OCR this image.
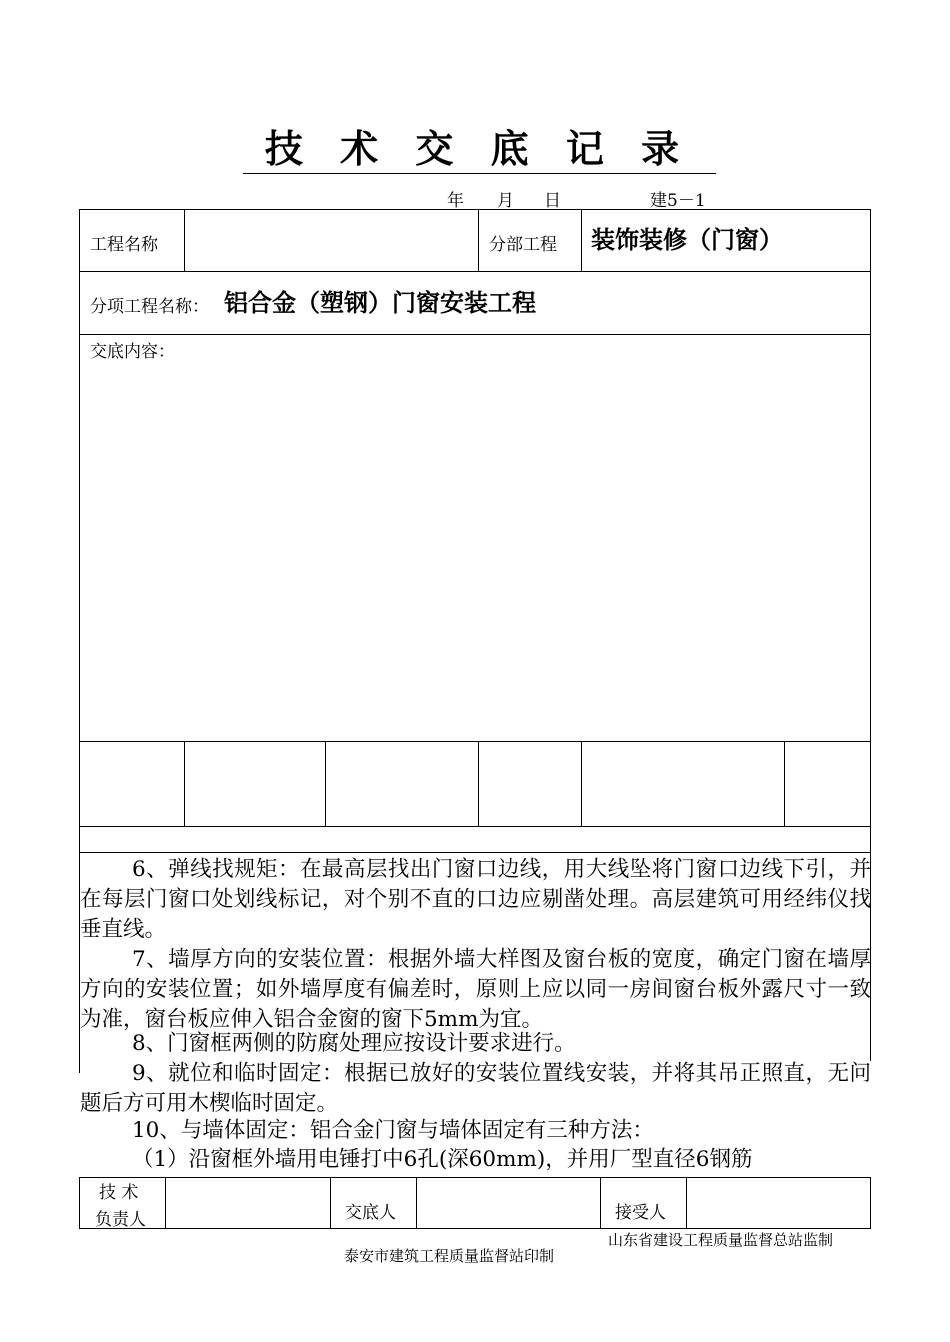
技 术 交 底 记 录
年 月 日	建5－1
工程名称	分部工程 装饰装修（门窗）
分项工程名称： 铝合金（塑钢）门窗安装工程
交底内容：
6、弹线找规矩：在最高层找出门窗口边线，用大线坠将门窗口边线下引，并在每层门窗口处划线标记，对个别不直的口边应剔凿处理。高层建筑可用经纬仪找垂直线。
7、墙厚方向的安装位置：根据外墙大样图及窗台板的宽度，确定门窗在墙厚方向的安装位置；如外墙厚度有偏差时，原则上应以同一房间窗台板外露尺寸一致为准，窗台板应伸入铝合金窗的窗下5mm为宜。
8、门窗框两侧的防腐处理应按设计要求进行。
9、就位和临时固定：根据已放好的安装位置线安装，并将其吊正照直，无问题后方可用木楔临时固定。
10、与墙体固定：铝合金门窗与墙体固定有三种方法：
（1）沿窗框外墙用电锤打中6孔(深60mm)，并用厂型直径6钢筋
技 术
负责人	交底人	接受人
山东省建设工程质量监督总站监制
泰安市建筑工程质量监督站印制
